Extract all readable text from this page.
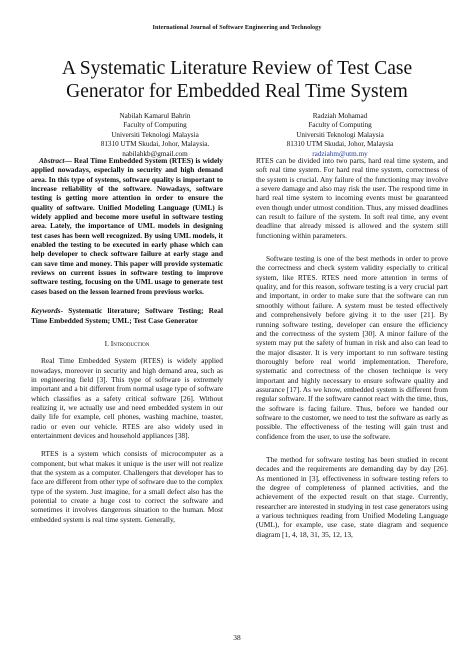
International Journal of Software Engineering and Technology
A Systematic Literature Review of Test Case Generator for Embedded Real Time System
Nabilah Kamarul Bahrin
Faculty of Computing
Universiti Teknologi Malaysia
81310 UTM Skudai, Johor, Malaysia.
nabilahkb@gmail.com
Radziah Mohamad
Faculty of Computing
Universiti Teknologi Malaysia
81310 UTM Skudai, Johor, Malaysia
radziahm@utm.my

Abstract— Real Time Embedded System (RTES) is widely applied nowadays, especially in security and high demand area. In this type of systems, software quality is important to increase reliability of the software. Nowadays, software testing is getting more attention in order to ensure the quality of software. Unified Modeling Language (UML) is widely applied and become more useful in software testing area. Lately, the importance of UML models in designing test cases has been well recognized. By using UML models, it enabled the testing to be executed in early phase which can help developer to check software failure at early stage and can save time and money. This paper will provide systematic reviews on current issues in software testing to improve software testing, focusing on the UML usage to generate test cases based on the lesson learned from previous works.

Keywords- Systematic literature; Software Testing; Real Time Embedded System; UML; Test Case Generator

I. Introduction

Real Time Embedded System (RTES) is widely applied nowadays, moreover in security and high demand area, such as in engineering field [3]. This type of software is extremely important and a bit different from normal usage type of software which classifies as a safety critical software [26]. Without realizing it, we actually use and need embedded system in our daily life for example, cell phones, washing machine, toaster, radio or even our vehicle. RTES are also widely used in entertainment devices and household appliances [38].

RTES is a system which consists of microcomputer as a component, but what makes it unique is the user will not realize that the system as a computer. Challengers that developer has to face are different from other type of software due to the complex type of the system. Just imagine, for a small defect also has the potential to create a huge cost to correct the software and sometimes it involves dangerous situation to the human. Most embedded system is real time system. Generally,

RTES can be divided into two parts, hard real time system, and soft real time system. For hard real time system, correctness of the system is crucial. Any failure of the functioning may involve a severe damage and also may risk the user. The respond time in hard real time system to incoming events must be guaranteed even though under utmost condition. Thus, any missed deadlines can result to failure of the system. In soft real time, any event deadline that already missed is allowed and the system still functioning within parameters.

Software testing is one of the best methods in order to prove the correctness and check system validity especially to critical system, like RTES. RTES need more attention in terms of quality, and for this reason, software testing is a very crucial part and important, in order to make sure that the software can run smoothly without failure. A system must be tested effectively and comprehensively before giving it to the user [21]. By running software testing, developer can ensure the efficiency and the correctness of the system [30]. A minor failure of the system may put the safety of human in risk and also can lead to the major disaster. It is very important to run software testing thoroughly before real world implementation. Therefore, systematic and correctness of the chosen technique is very important and highly necessary to ensure software quality and assurance [17]. As we know, embedded system is different from regular software. If the software cannot react with the time, thus, the software is facing failure. Thus, before we handed our software to the customer, we need to test the software as early as possible. The effectiveness of the testing will gain trust and confidence from the user, to use the software.

The method for software testing has been studied in recent decades and the requirements are demanding day by day [26]. As mentioned in [3], effectiveness in software testing refers to the degree of completeness of planned activities, and the achievement of the expected result on that stage. Currently, researcher are interested in studying in test case generators using a various techniques reading from Unified Modeling Language (UML), for example, use case, state diagram and sequence diagram [1, 4, 18, 31, 35, 12, 13,

38
